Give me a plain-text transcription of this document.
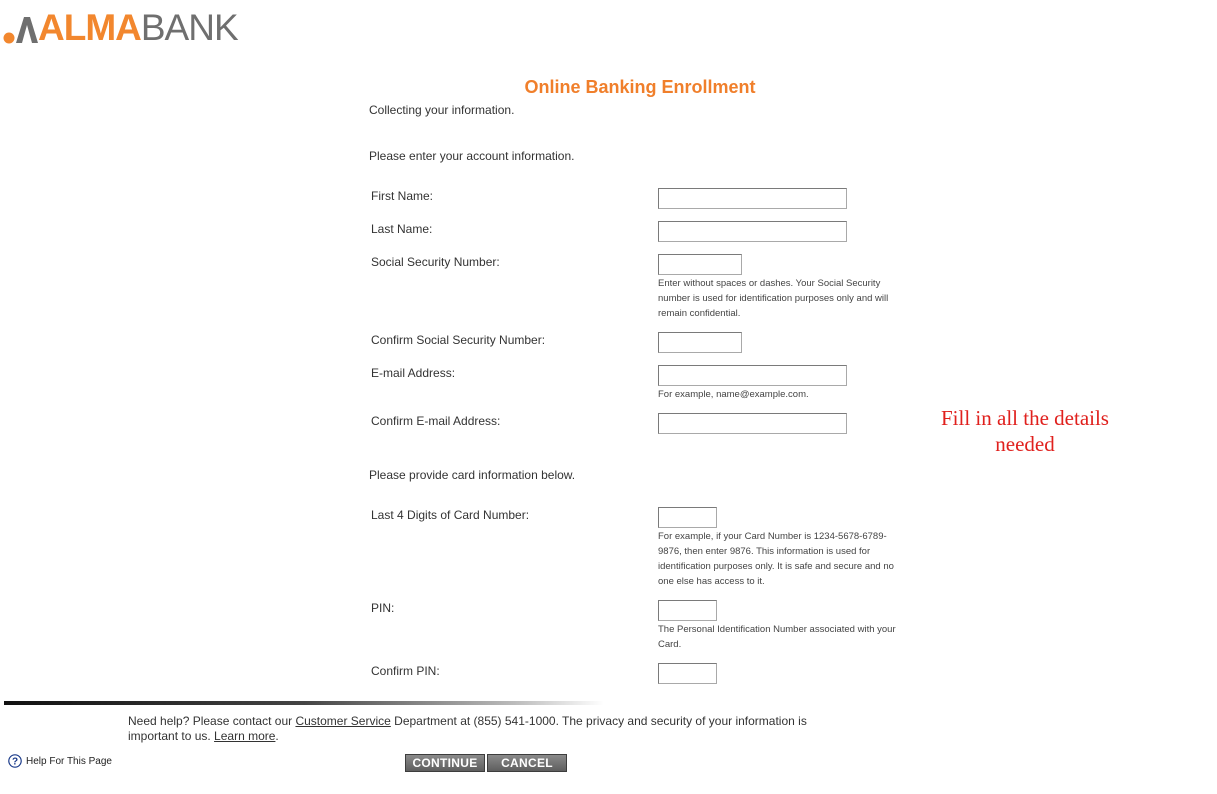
ALMABANK
Online Banking Enrollment
Collecting your information.
Please enter your account information.
First Name:
Last Name:
Social Security Number:
Enter without spaces or dashes. Your Social Security number is used for identification purposes only and will remain confidential.
Confirm Social Security Number:
E-mail Address:
For example, name@example.com.
Confirm E-mail Address:	Fill in all the details needed
Please provide card information below.
Last 4 Digits of Card Number:
For example, if your Card Number is 1234-5678-6789-9876, then enter 9876. This information is used for identification purposes only. It is safe and secure and no one else has access to it.
PIN:
The Personal Identification Number associated with your Card.
Confirm PIN:
Need help? Please contact our Customer Service Department at (855) 541-1000. The privacy and security of your information is important to us. Learn more.
? Help For This Page	CONTINUE	CANCEL
